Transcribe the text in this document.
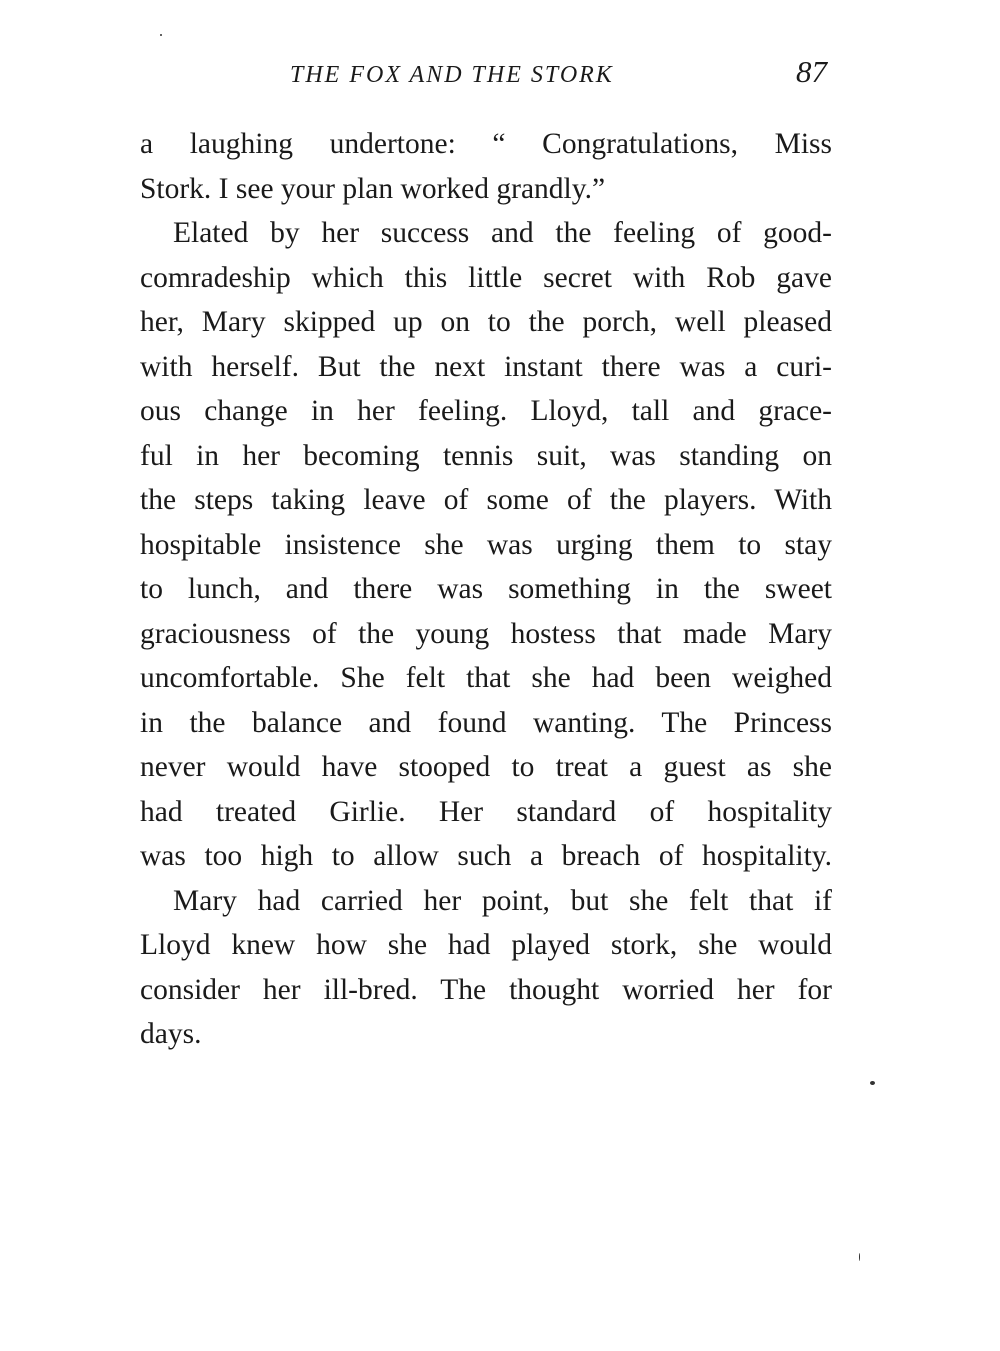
THE FOX AND THE STORK	87
a laughing undertone: “ Congratulations, Miss
Stork. I see your plan worked grandly.”
Elated by her success and the feeling of good-
comradeship which this little secret with Rob gave
her, Mary skipped up on to the porch, well pleased
with herself. But the next instant there was a curi-
ous change in her feeling. Lloyd, tall and grace-
ful in her becoming tennis suit, was standing on
the steps taking leave of some of the players. With
hospitable insistence she was urging them to stay
to lunch, and there was something in the sweet
graciousness of the young hostess that made Mary
uncomfortable. She felt that she had been weighed
in the balance and found wanting. The Princess
never would have stooped to treat a guest as she
had treated Girlie. Her standard of hospitality
was too high to allow such a breach of hospitality.
Mary had carried her point, but she felt that if
Lloyd knew how she had played stork, she would
consider her ill-bred. The thought worried her for
days.
